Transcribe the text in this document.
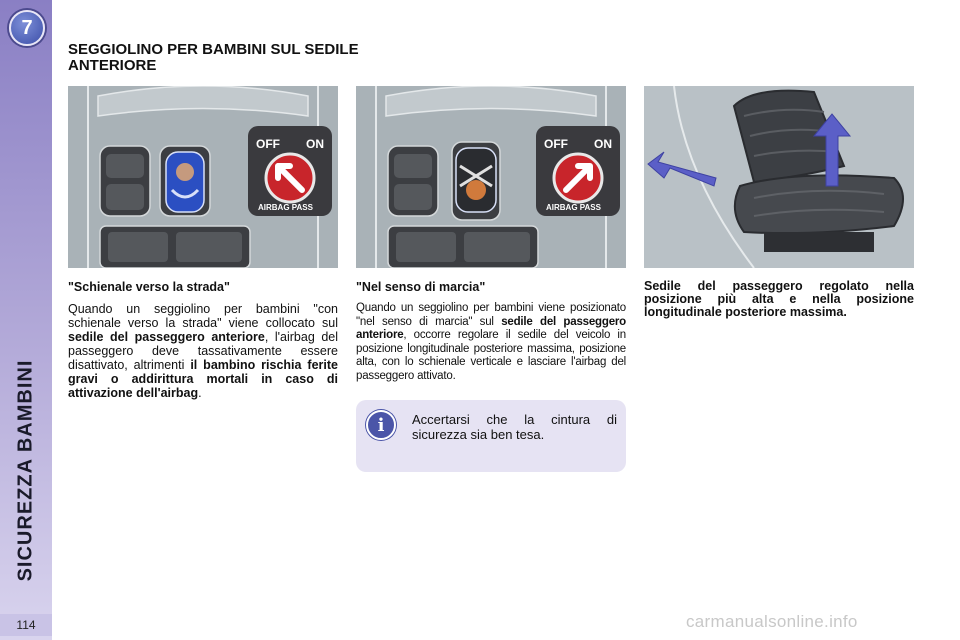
7
SICUREZZA BAMBINI
114
SEGGIOLINO PER BAMBINI SUL SEDILE ANTERIORE
OFF ON
AIRBAG PASS
OFF ON
AIRBAG PASS
"Schienale verso la strada"

Quando un seggiolino per bambini "con schienale verso la strada" viene collocato sul sedile del passeggero anteriore, l'airbag del passeggero deve tassativamente essere disattivato, altrimenti il bambino rischia ferite gravi o addirittura mortali in caso di attivazione dell'airbag.

"Nel senso di marcia"

Quando un seggiolino per bambini viene posizionato "nel senso di marcia" sul sedile del passeggero anteriore, occorre regolare il sedile del veicolo in posizione longitudinale posteriore massima, posizione alta, con lo schienale verticale e lasciare l'airbag del passeggero attivato.

Sedile del passeggero regolato nella posizione più alta e nella posizione longitudinale posteriore massima.

i	Accertarsi che la cintura di sicurezza sia ben tesa.
carmanualsonline.info
